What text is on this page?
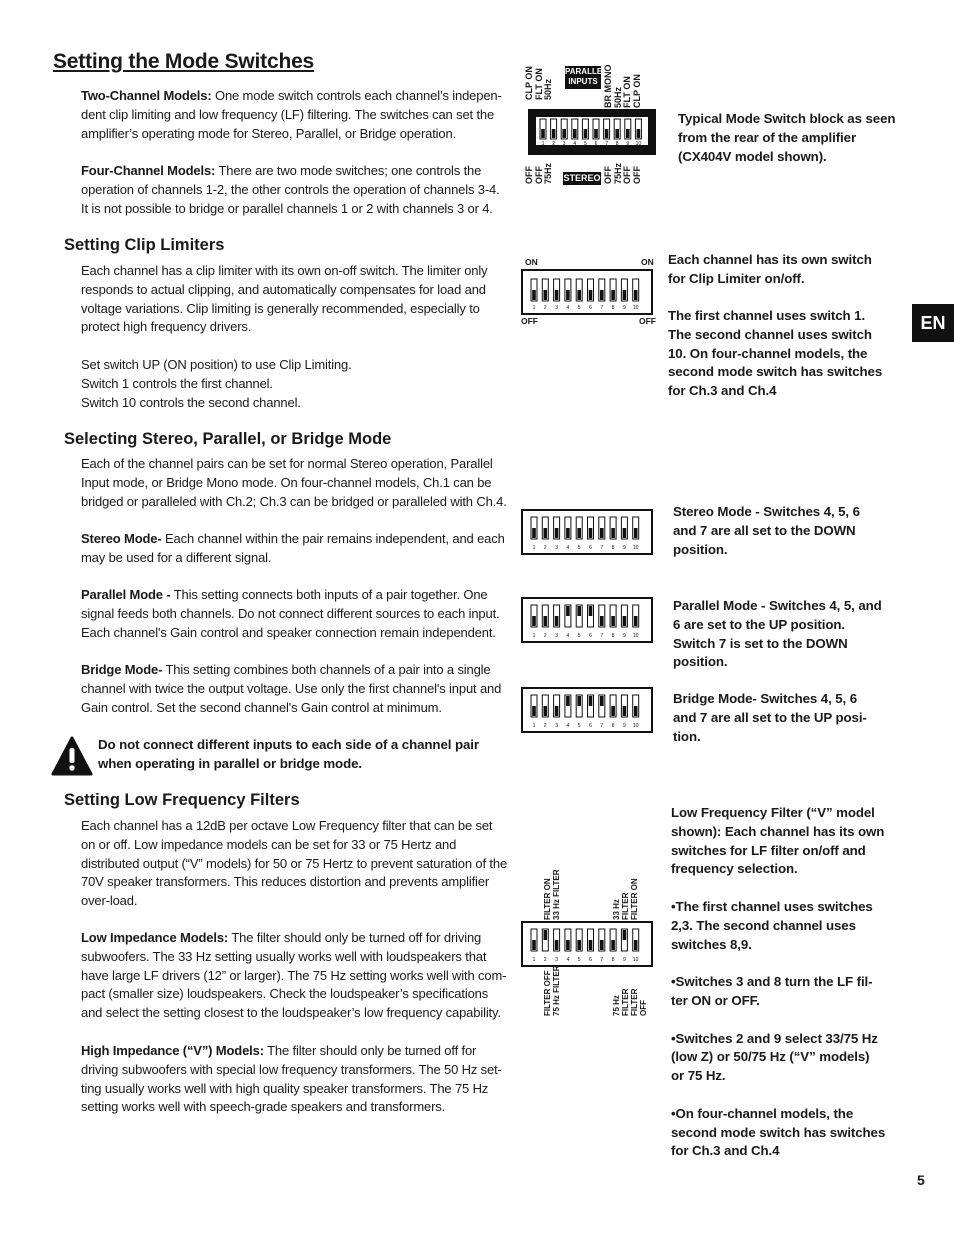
Setting the Mode Switches

Two-Channel Models: One mode switch controls each channel’s indepen-dent clip limiting and low frequency (LF) filtering. The switches can set the amplifier’s operating mode for Stereo, Parallel, or Bridge operation.

Four-Channel Models: There are two mode switches; one controls the operation of channels 1-2, the other controls the operation of channels 3-4. It is not possible to bridge or parallel channels 1 or 2 with channels 3 or 4.

CLP ON
FLT ON
50Hz
BR MONO
50Hz
FLT ON
CLP ON
PARALLEL
INPUTS
1 2 3 4 5 6 7 8 9 10
OFF
OFF
75Hz	OFF
75Hz
OFF
OFF
STEREO

Typical Mode Switch block as seen from the rear of the amplifier (CX404V model shown).

Setting Clip Limiters

Each channel has a clip limiter with its own on-off switch. The limiter only responds to actual clipping, and automatically compensates for load and voltage variations. Clip limiting is generally recommended, especially to protect high frequency drivers.

Set switch UP (ON position) to use Clip Limiting.
Switch 1 controls the first channel.
Switch 10 controls the second channel.

ON	ON
1 2 3 4 5 6 7 8 9 10
OFF	OFF

Each channel has its own switch for Clip Limiter on/off.

The first channel uses switch 1. The second channel uses switch 10. On four-channel models, the second mode switch has switches for Ch.3 and Ch.4

Selecting Stereo, Parallel, or Bridge Mode

Each of the channel pairs can be set for normal Stereo operation, Parallel Input mode, or Bridge Mono mode. On four-channel models, Ch.1 can be bridged or paralleled with Ch.2; Ch.3 can be bridged or paralleled with Ch.4.

Stereo Mode- Each channel within the pair remains independent, and each may be used for a different signal.

Parallel Mode - This setting connects both inputs of a pair together. One signal feeds both channels. Do not connect different sources to each input. Each channel's Gain control and speaker connection remain independent.

Bridge Mode- This setting combines both channels of a pair into a single channel with twice the output voltage. Use only the first channel's input and Gain control. Set the second channel's Gain control at minimum.

Do not connect different inputs to each side of a channel pair when operating in parallel or bridge mode.

1 2 3 4 5 6 7 8 9 10

Stereo Mode - Switches 4, 5, 6 and 7 are all set to the DOWN position.

1 2 3 4 5 6 7 8 9 10

Parallel Mode - Switches 4, 5, and 6 are set to the UP position. Switch 7 is set to the DOWN position.

1 2 3 4 5 6 7 8 9 10

Bridge Mode- Switches 4, 5, 6 and 7 are all set to the UP posi-tion.

Setting Low Frequency Filters

Each channel has a 12dB per octave Low Frequency filter that can be set on or off. Low impedance models can be set for 33 or 75 Hertz and distributed output (“V” models) for 50 or 75 Hertz to prevent saturation of the 70V speaker transformers. This reduces distortion and prevents amplifier over-load.

Low Impedance Models: The filter should only be turned off for driving subwoofers. The 33 Hz setting usually works well with loudspeakers that have large LF drivers (12” or larger). The 75 Hz setting works well with com-pact (smaller size) loudspeakers. Check the loudspeaker’s specifications and select the setting closest to the loudspeaker’s low frequency capability.

High Impedance (“V”) Models: The filter should only be turned off for driving subwoofers with special low frequency transformers. The 50 Hz set-ting usually works well with high quality speaker transformers. The 75 Hz setting works well with speech-grade speakers and transformers.

FILTER ON
33 Hz FILTER
33 Hz FILTER
FILTER ON
1 2 3 4 5 6 7 8 9 10
FILTER OFF
75 Hz FILTER
75 Hz FILTER
FILTER OFF

Low Frequency Filter (“V” model shown): Each channel has its own switches for LF filter on/off and frequency selection.

•The first channel uses switches 2,3. The second channel uses switches 8,9.

•Switches 3 and 8 turn the LF fil-ter ON or OFF.

•Switches 2 and 9 select 33/75 Hz (low Z) or 50/75 Hz (“V” models) or 75 Hz.

•On four-channel models, the second mode switch has switches for Ch.3 and Ch.4

EN
5
